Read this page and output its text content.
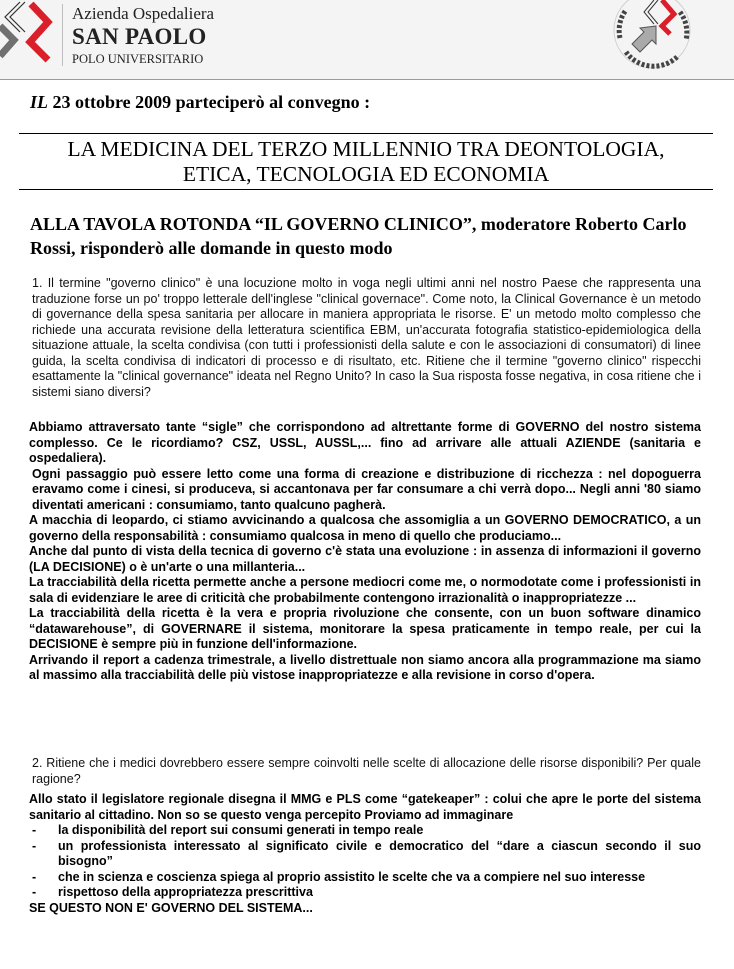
Azienda Ospedaliera
SAN PAOLO
POLO UNIVERSITARIO
IL 23 ottobre 2009 parteciperò al convegno :
LA MEDICINA DEL TERZO MILLENNIO TRA DEONTOLOGIA,
ETICA, TECNOLOGIA ED ECONOMIA
ALLA TAVOLA ROTONDA “IL GOVERNO CLINICO”, moderatore Roberto Carlo Rossi, risponderò alle domande in questo modo
1. Il termine "governo clinico" è una locuzione molto in voga negli ultimi anni nel nostro Paese che rappresenta una traduzione forse un po' troppo letterale dell'inglese "clinical governace". Come noto, la Clinical Governance è un metodo di governance della spesa sanitaria per allocare in maniera appropriata le risorse. E' un metodo molto complesso che richiede una accurata revisione della letteratura scientifica EBM, un'accurata fotografia statistico-epidemiologica della situazione attuale, la scelta condivisa (con tutti i professionisti della salute e con le associazioni di consumatori) di linee guida, la scelta condivisa di indicatori di processo e di risultato, etc. Ritiene che il termine "governo clinico" rispecchi esattamente la "clinical governance" ideata nel Regno Unito? In caso la Sua risposta fosse negativa, in cosa ritiene che i sistemi siano diversi?

Abbiamo attraversato tante “sigle” che corrispondono ad altrettante forme di GOVERNO del nostro sistema complesso. Ce le ricordiamo? CSZ, USSL, AUSSL,... fino ad arrivare alle attuali AZIENDE (sanitaria e ospedaliera).

Ogni passaggio può essere letto come una forma di creazione e distribuzione di ricchezza : nel dopoguerra eravamo come i cinesi, si produceva, si accantonava per far consumare a chi verrà dopo... Negli anni '80 siamo diventati americani : consumiamo, tanto qualcuno pagherà.

A macchia di leopardo, ci stiamo avvicinando a qualcosa che assomiglia a un GOVERNO DEMOCRATICO, a un governo della responsabilità : consumiamo qualcosa in meno di quello che produciamo...

Anche dal punto di vista della tecnica di governo c'è stata una evoluzione : in assenza di informazioni il governo (LA DECISIONE) o è un'arte o una millanteria...

La tracciabilità della ricetta permette anche a persone mediocri come me, o normodotate come i professionisti in sala di evidenziare le aree di criticità che probabilmente contengono irrazionalità o inappropriatezze ...

La tracciabilità della ricetta è la vera e propria rivoluzione che consente, con un buon software dinamico “datawarehouse”, di GOVERNARE il sistema, monitorare la spesa praticamente in tempo reale, per cui la DECISIONE è sempre più in funzione dell'informazione.

Arrivando il report a cadenza trimestrale, a livello distrettuale non siamo ancora alla programmazione ma siamo al massimo alla tracciabilità delle più vistose inappropriatezze e alla revisione in corso d'opera.

2. Ritiene che i medici dovrebbero essere sempre coinvolti nelle scelte di allocazione delle risorse disponibili? Per quale ragione?

Allo stato il legislatore regionale disegna il MMG e PLS come “gatekeaper” : colui che apre le porte del sistema sanitario al cittadino. Non so se questo venga percepito Proviamo ad immaginare

-	la disponibilità del report sui consumi generati in tempo reale
-	un professionista interessato al significato civile e democratico del “dare a ciascun secondo il suo bisogno”
-	che in scienza e coscienza spiega al proprio assistito le scelte che va a compiere nel suo interesse
-	rispettoso della appropriatezza prescrittiva

SE QUESTO NON E' GOVERNO DEL SISTEMA...
